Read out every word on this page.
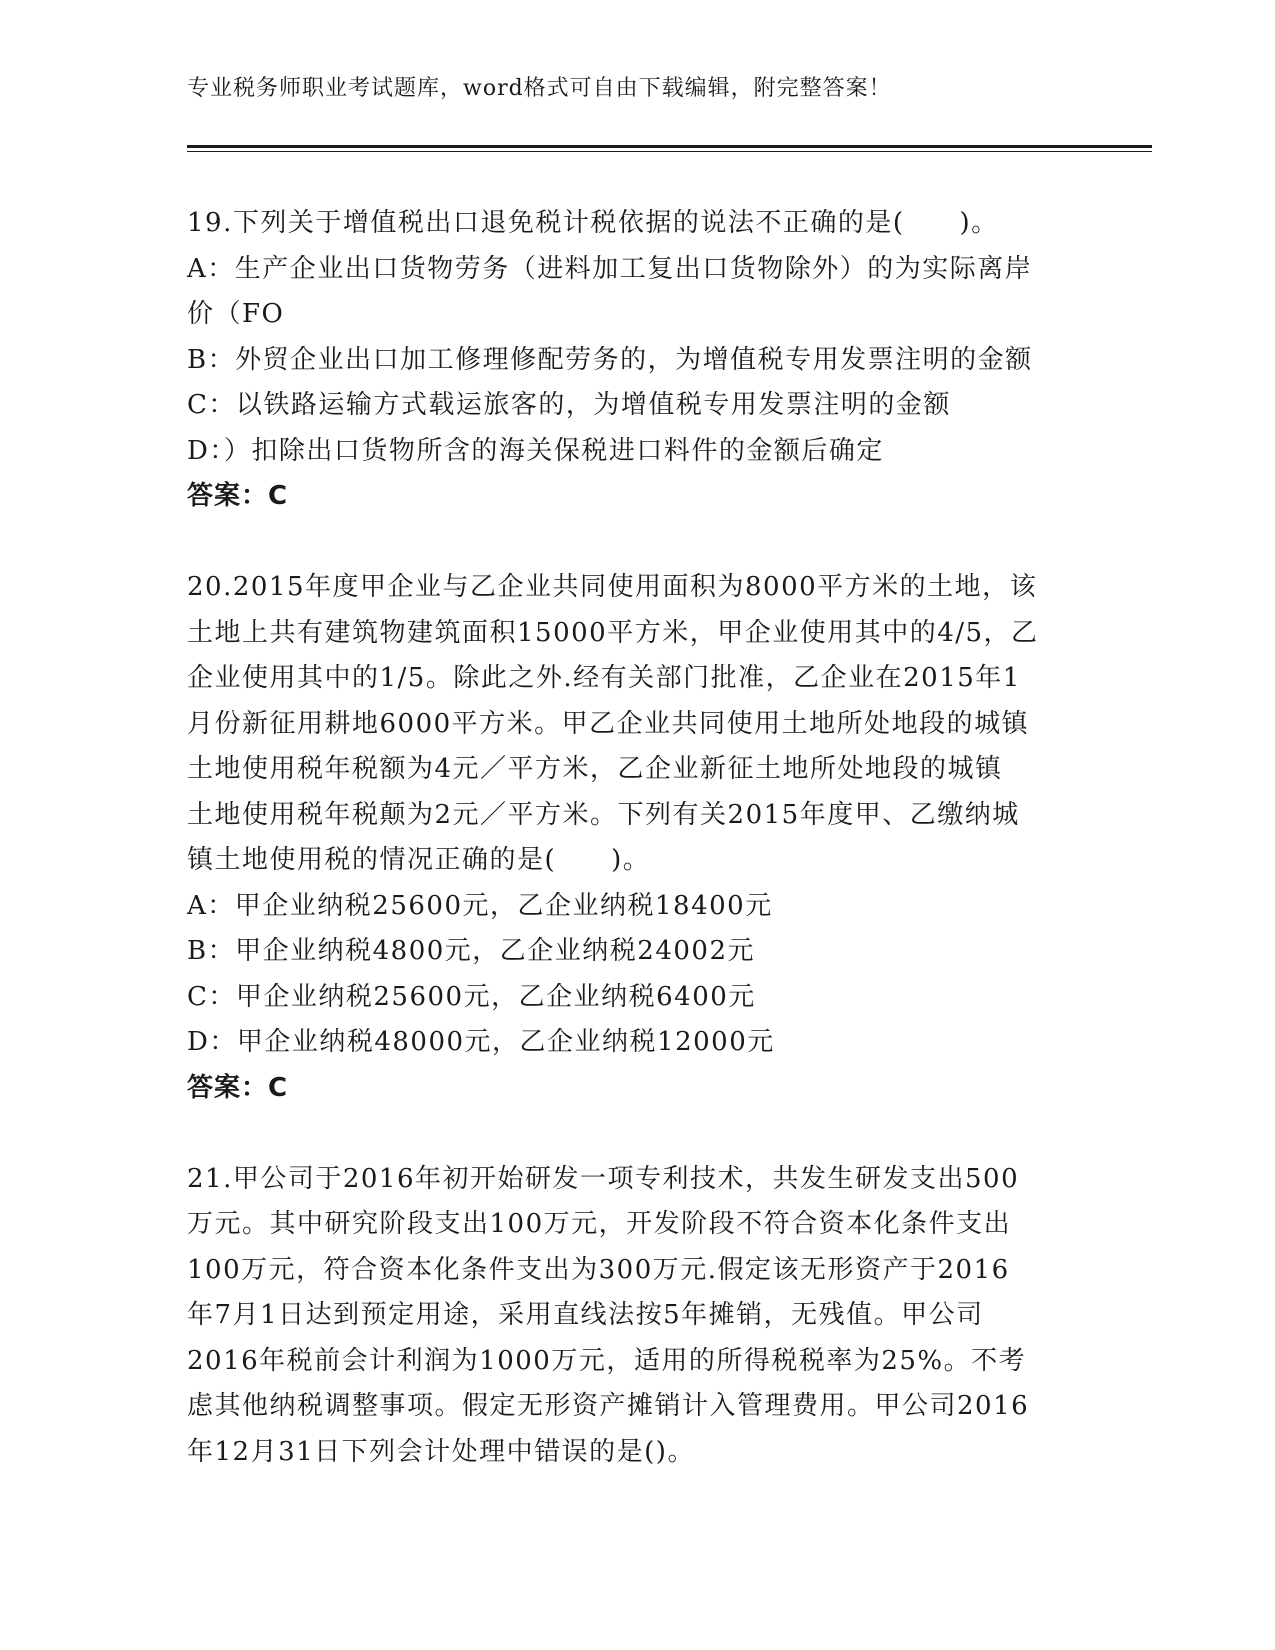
专业税务师职业考试题库，word格式可自由下载编辑，附完整答案！
19.下列关于增值税出口退免税计税依据的说法不正确的是(　　)。
A：生产企业出口货物劳务（进料加工复出口货物除外）的为实际离岸
价（FO
B：外贸企业出口加工修理修配劳务的，为增值税专用发票注明的金额
C：以铁路运输方式载运旅客的，为增值税专用发票注明的金额
D：）扣除出口货物所含的海关保税进口料件的金额后确定
答案：C
20.2015年度甲企业与乙企业共同使用面积为8000平方米的土地，该
土地上共有建筑物建筑面积15000平方米，甲企业使用其中的4/5，乙
企业使用其中的1/5。除此之外.经有关部门批准，乙企业在2015年1
月份新征用耕地6000平方米。甲乙企业共同使用土地所处地段的城镇
土地使用税年税额为4元／平方米，乙企业新征土地所处地段的城镇
土地使用税年税颠为2元／平方米。下列有关2015年度甲、乙缴纳城
镇土地使用税的情况正确的是(　　)。
A：甲企业纳税25600元，乙企业纳税18400元
B：甲企业纳税4800元，乙企业纳税24002元
C：甲企业纳税25600元，乙企业纳税6400元
D：甲企业纳税48000元，乙企业纳税12000元
答案：C
21.甲公司于2016年初开始研发一项专利技术，共发生研发支出500
万元。其中研究阶段支出100万元，开发阶段不符合资本化条件支出
100万元，符合资本化条件支出为300万元.假定该无形资产于2016
年7月1日达到预定用途，采用直线法按5年摊销，无残值。甲公司
2016年税前会计利润为1000万元，适用的所得税税率为25%。不考
虑其他纳税调整事项。假定无形资产摊销计入管理费用。甲公司2016
年12月31日下列会计处理中错误的是()。
